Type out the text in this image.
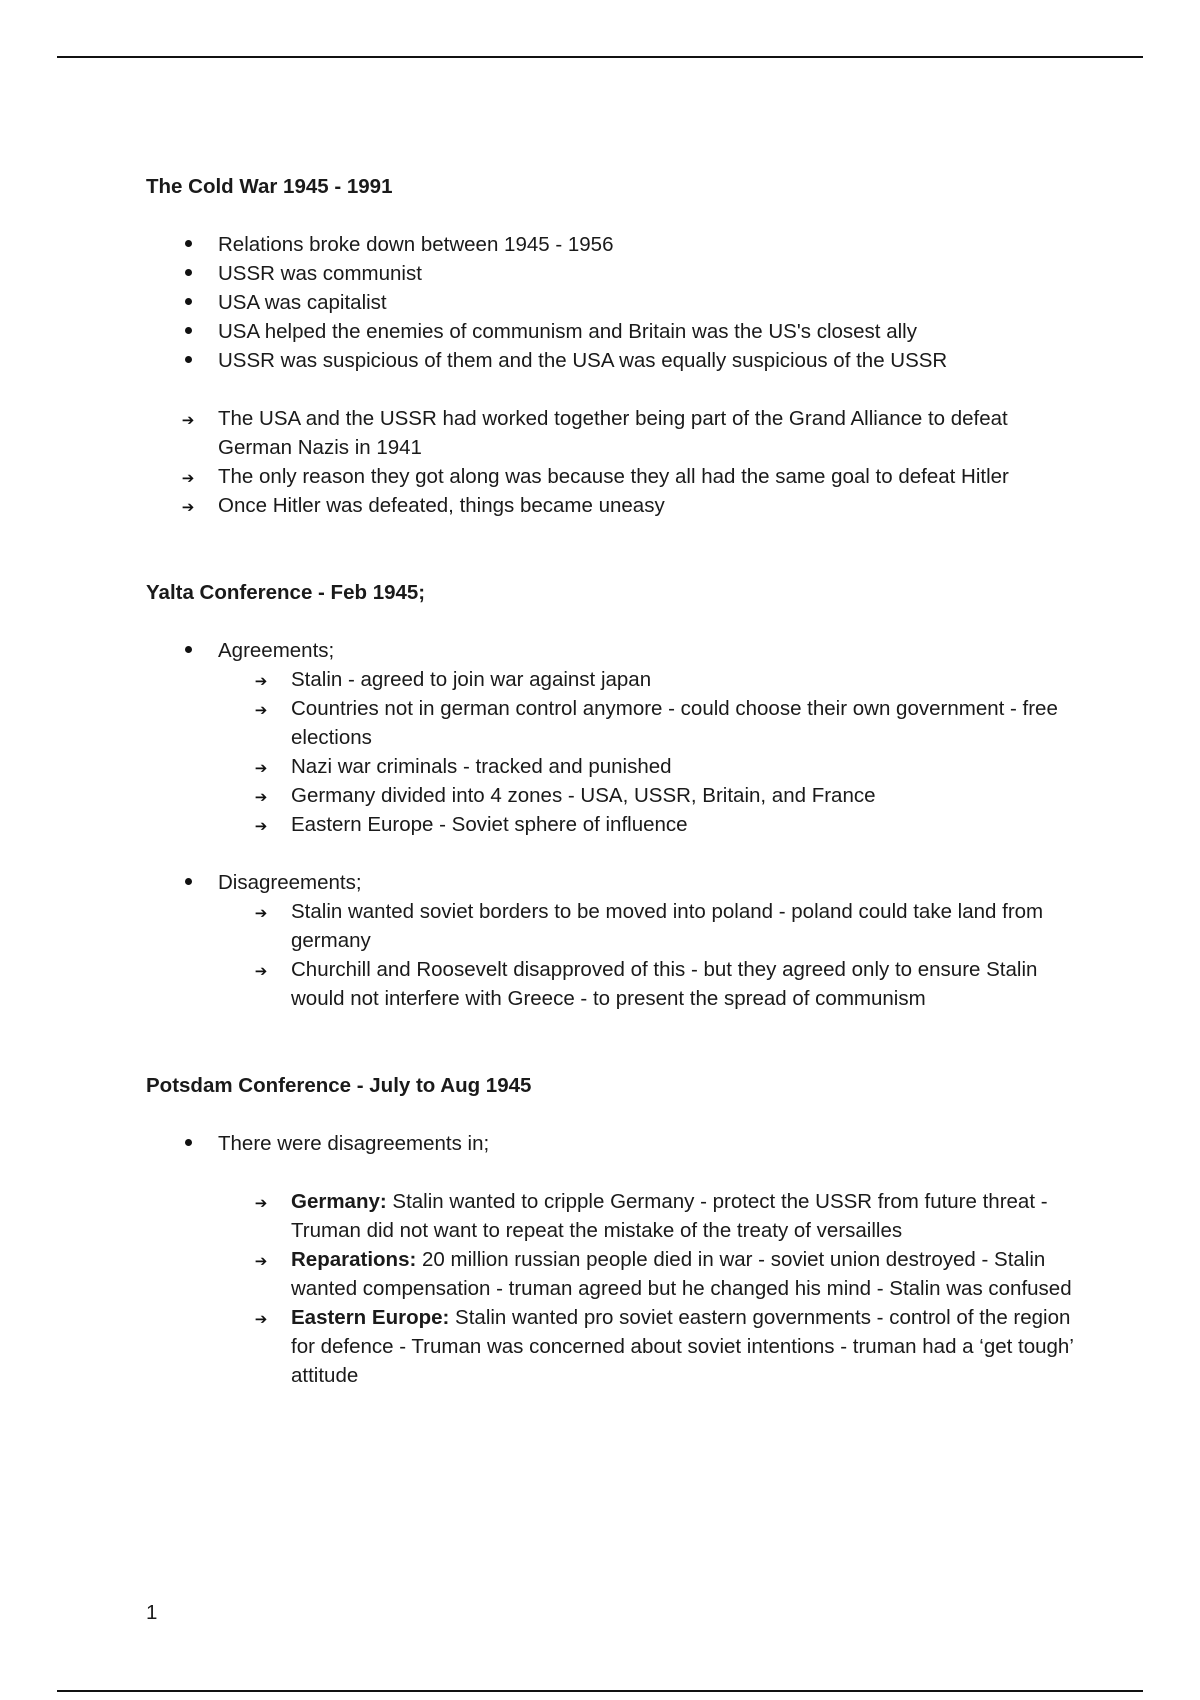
The Cold War 1945 - 1991
Relations broke down between 1945 - 1956
USSR was communist
USA was capitalist
USA helped the enemies of communism and Britain was the US's closest ally
USSR was suspicious of them and the USA was equally suspicious of the USSR
➔
The USA and the USSR had worked together being part of the Grand Alliance to defeat German Nazis in 1941
➔
The only reason they got along was because they all had the same goal to defeat Hitler
➔
Once Hitler was defeated, things became uneasy
Yalta Conference - Feb 1945;
Agreements;
➔
Stalin - agreed to join war against japan
➔
Countries not in german control anymore - could choose their own government - free elections
➔
Nazi war criminals - tracked and punished
➔
Germany divided into 4 zones - USA, USSR, Britain, and France
➔
Eastern Europe - Soviet sphere of influence
Disagreements;
➔
Stalin wanted soviet borders to be moved into poland - poland could take land from germany
➔
Churchill and Roosevelt disapproved of this - but they agreed only to ensure Stalin would not interfere with Greece - to present the spread of communism
Potsdam Conference - July to Aug 1945
There were disagreements in;
➔
Germany: Stalin wanted to cripple Germany - protect the USSR from future threat - Truman did not want to repeat the mistake of the treaty of versailles
➔
Reparations: 20 million russian people died in war - soviet union destroyed - Stalin wanted compensation - truman agreed but he changed his mind - Stalin was confused
➔
Eastern Europe: Stalin wanted pro soviet eastern governments - control of the region for defence - Truman was concerned about soviet intentions - truman had a ‘get tough’ attitude
1
